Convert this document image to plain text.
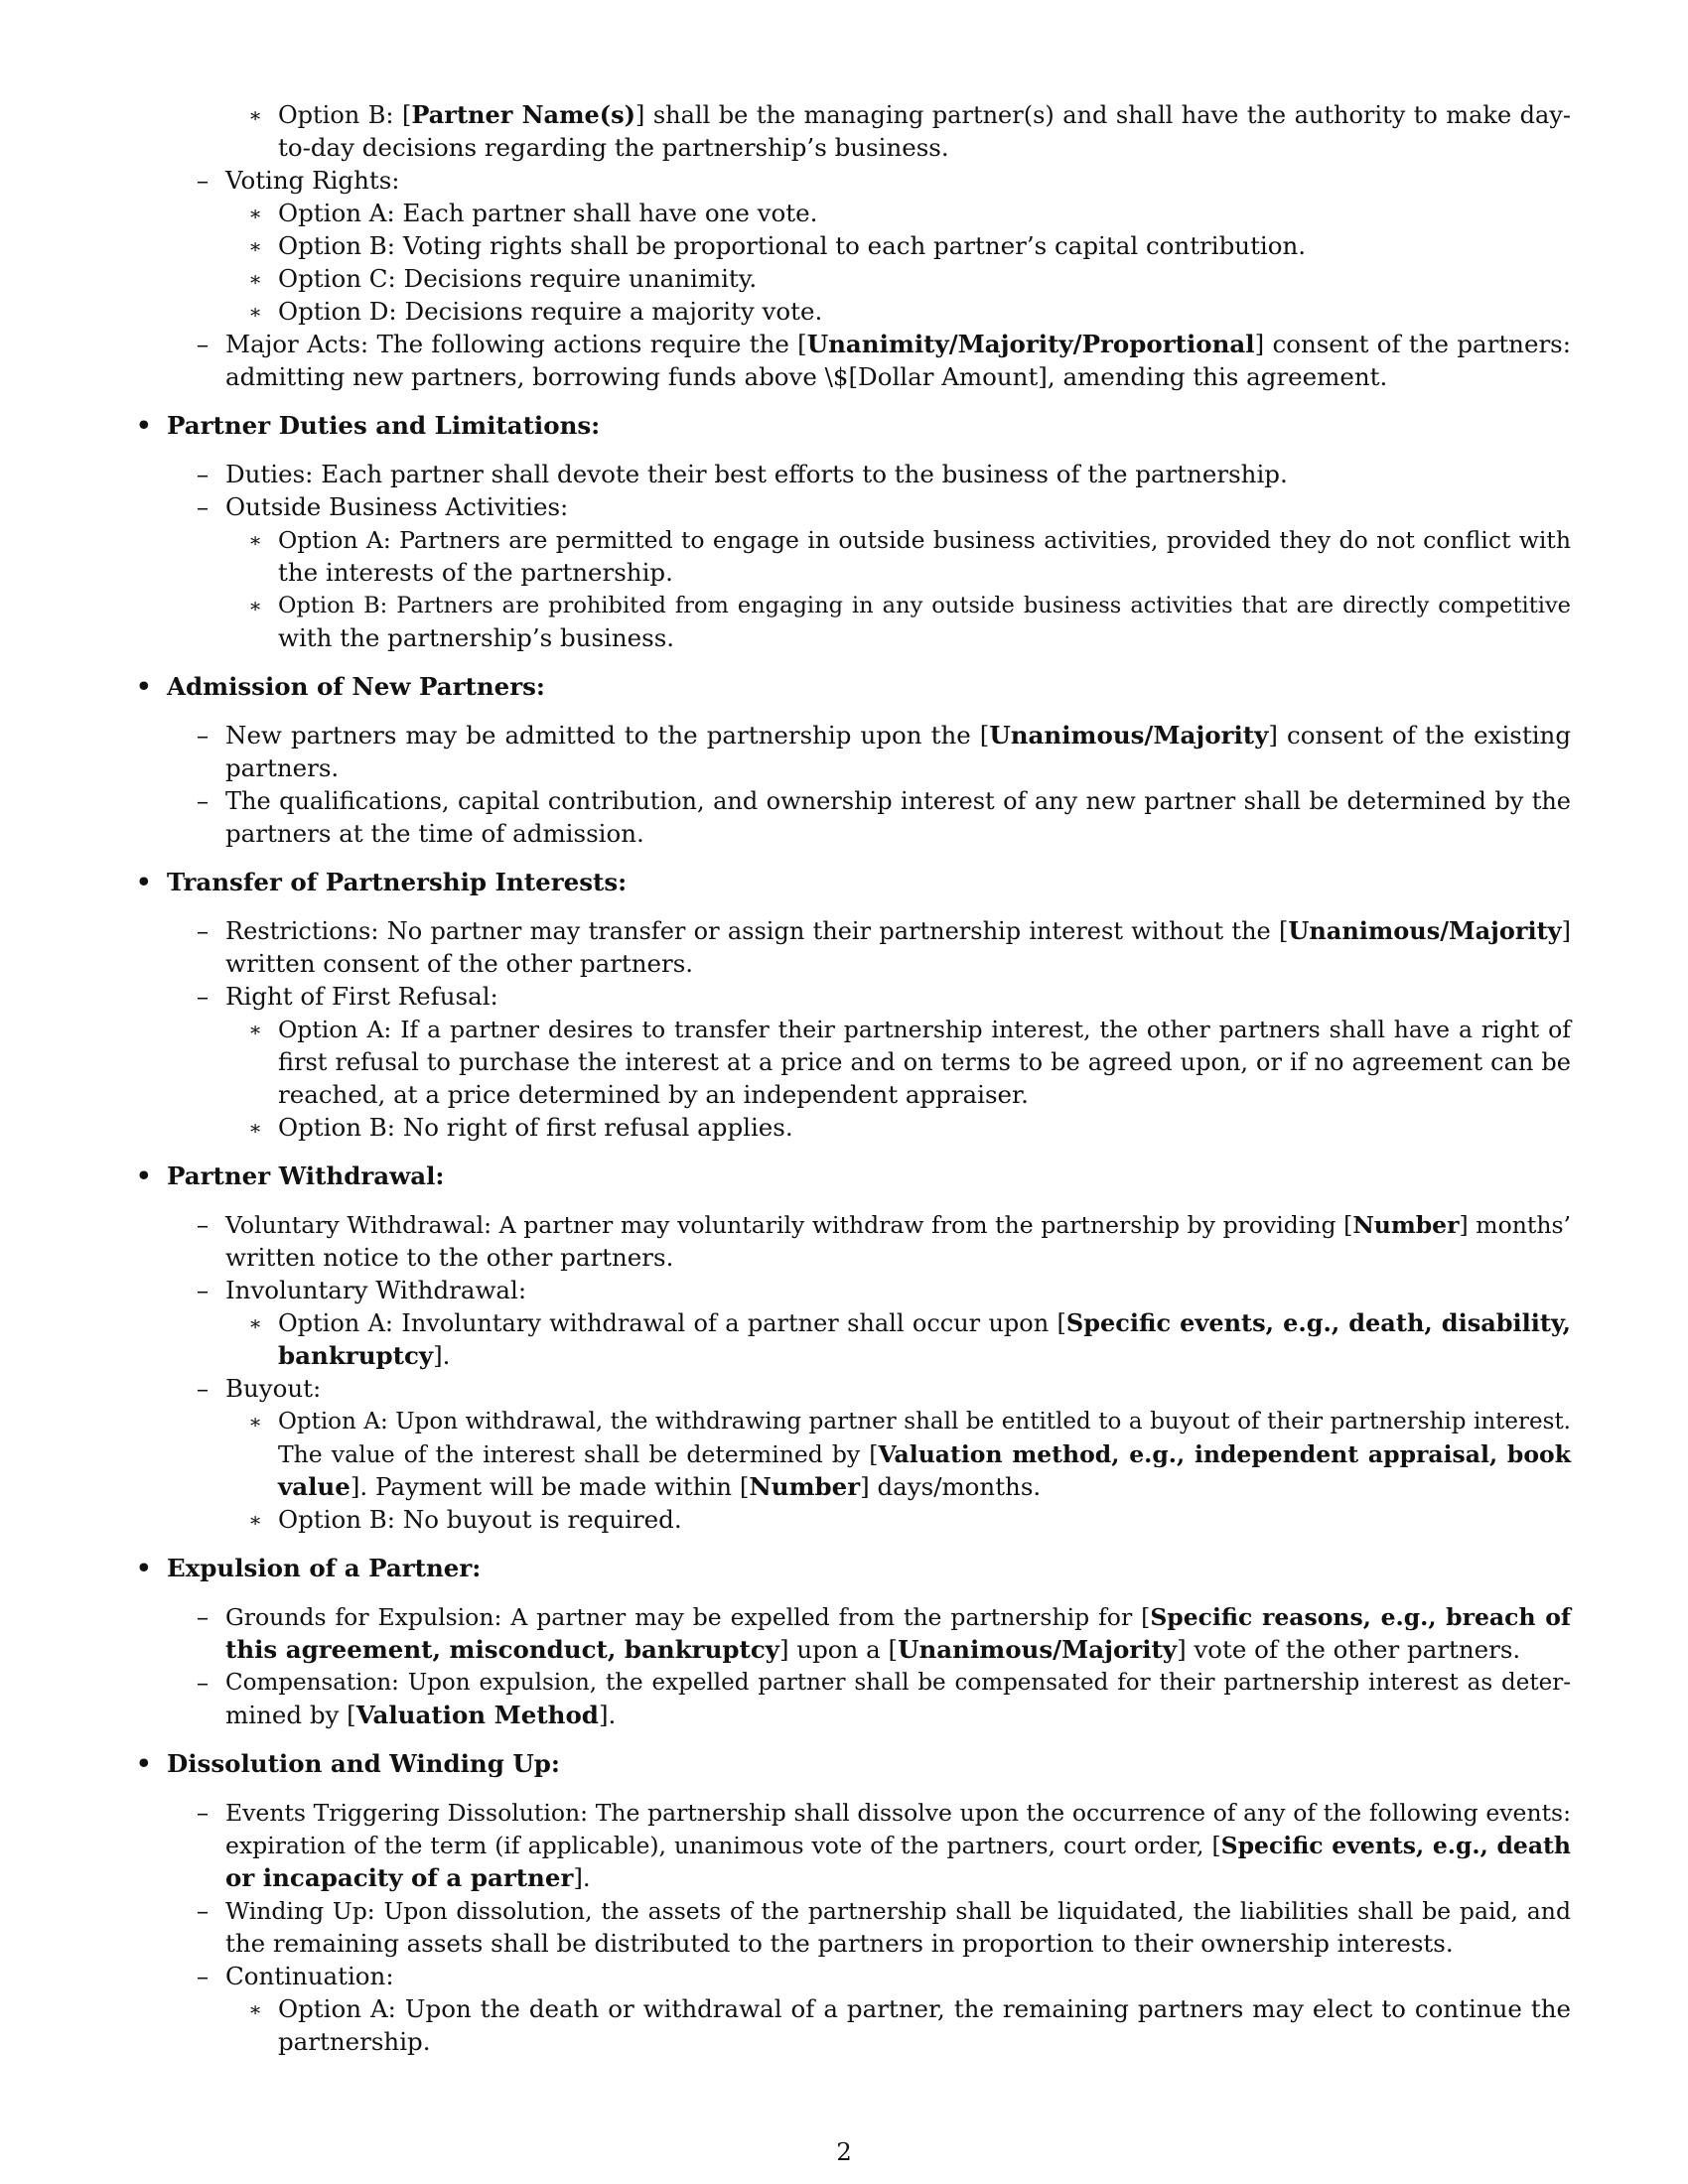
∗ Option B: [Partner Name(s)] shall be the managing partner(s) and shall have the authority to make day-
to-day decisions regarding the partnership’s business.
– Voting Rights:
∗ Option A: Each partner shall have one vote.
∗ Option B: Voting rights shall be proportional to each partner’s capital contribution.
∗ Option C: Decisions require unanimity.
∗ Option D: Decisions require a majority vote.
– Major Acts: The following actions require the [Unanimity/Majority/Proportional] consent of the partners:
admitting new partners, borrowing funds above \$[Dollar Amount], amending this agreement.
• Partner Duties and Limitations:
– Duties: Each partner shall devote their best efforts to the business of the partnership.
– Outside Business Activities:
∗ Option A: Partners are permitted to engage in outside business activities, provided they do not conflict with
the interests of the partnership.
∗ Option B: Partners are prohibited from engaging in any outside business activities that are directly competitive
with the partnership’s business.
• Admission of New Partners:
– New partners may be admitted to the partnership upon the [Unanimous/Majority] consent of the existing
partners.
– The qualifications, capital contribution, and ownership interest of any new partner shall be determined by the
partners at the time of admission.
• Transfer of Partnership Interests:
– Restrictions: No partner may transfer or assign their partnership interest without the [Unanimous/Majority]
written consent of the other partners.
– Right of First Refusal:
∗ Option A: If a partner desires to transfer their partnership interest, the other partners shall have a right of
first refusal to purchase the interest at a price and on terms to be agreed upon, or if no agreement can be
reached, at a price determined by an independent appraiser.
∗ Option B: No right of first refusal applies.
• Partner Withdrawal:
– Voluntary Withdrawal: A partner may voluntarily withdraw from the partnership by providing [Number] months’
written notice to the other partners.
– Involuntary Withdrawal:
∗ Option A: Involuntary withdrawal of a partner shall occur upon [Specific events, e.g., death, disability,
bankruptcy].
– Buyout:
∗ Option A: Upon withdrawal, the withdrawing partner shall be entitled to a buyout of their partnership interest.
The value of the interest shall be determined by [Valuation method, e.g., independent appraisal, book
value]. Payment will be made within [Number] days/months.
∗ Option B: No buyout is required.
• Expulsion of a Partner:
– Grounds for Expulsion: A partner may be expelled from the partnership for [Specific reasons, e.g., breach of
this agreement, misconduct, bankruptcy] upon a [Unanimous/Majority] vote of the other partners.
– Compensation: Upon expulsion, the expelled partner shall be compensated for their partnership interest as deter-
mined by [Valuation Method].
• Dissolution and Winding Up:
– Events Triggering Dissolution: The partnership shall dissolve upon the occurrence of any of the following events:
expiration of the term (if applicable), unanimous vote of the partners, court order, [Specific events, e.g., death
or incapacity of a partner].
– Winding Up: Upon dissolution, the assets of the partnership shall be liquidated, the liabilities shall be paid, and
the remaining assets shall be distributed to the partners in proportion to their ownership interests.
– Continuation:
∗ Option A: Upon the death or withdrawal of a partner, the remaining partners may elect to continue the
partnership.
2
